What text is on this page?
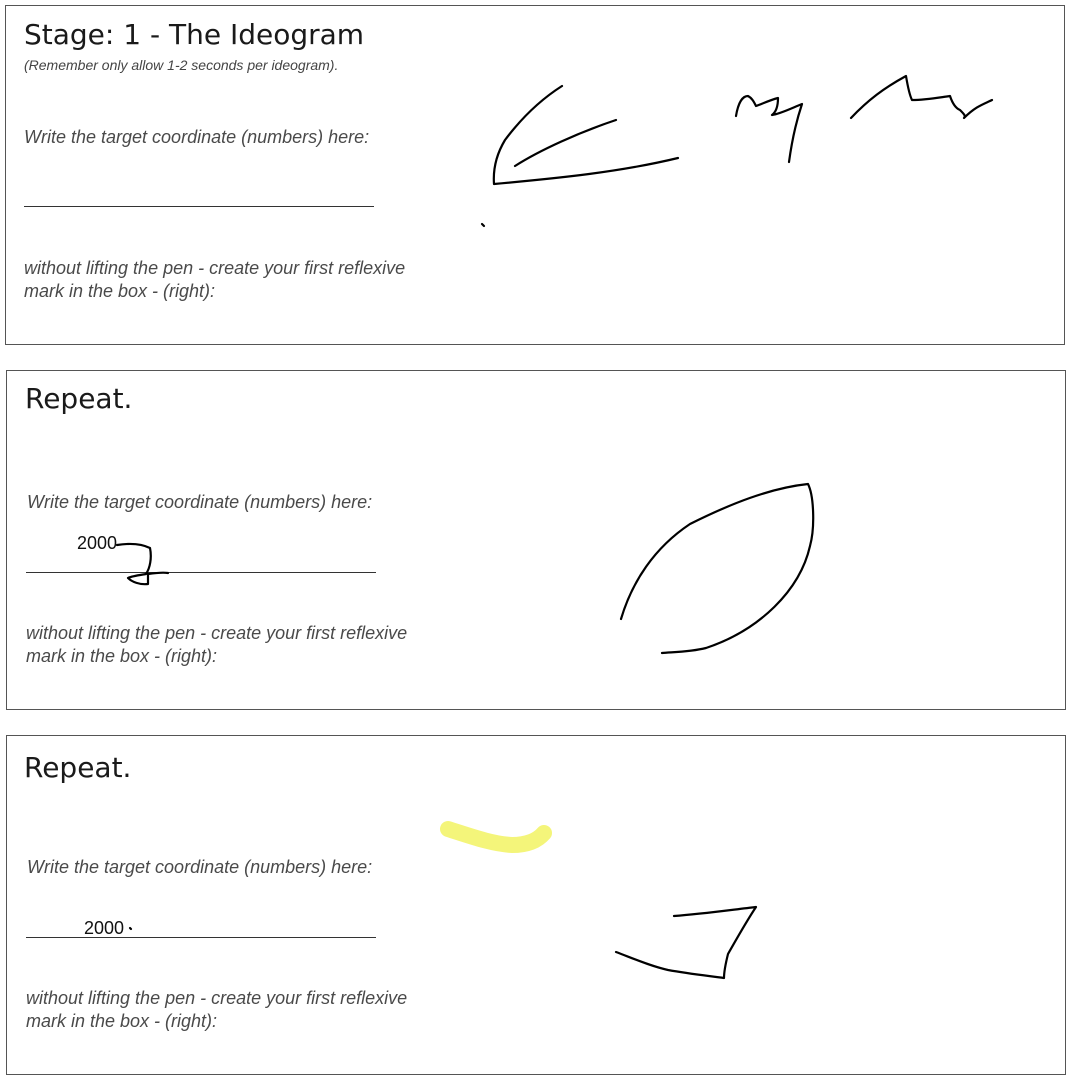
Stage: 1 - The Ideogram
(Remember only allow 1-2 seconds per ideogram).
Write the target coordinate (numbers) here:
without lifting the pen - create your first reflexive mark in the box - (right):
Repeat.
Write the target coordinate (numbers) here:
2000
without lifting the pen - create your first reflexive mark in the box - (right):
Repeat.
Write the target coordinate (numbers) here:
2000
without lifting the pen - create your first reflexive mark in the box - (right):
